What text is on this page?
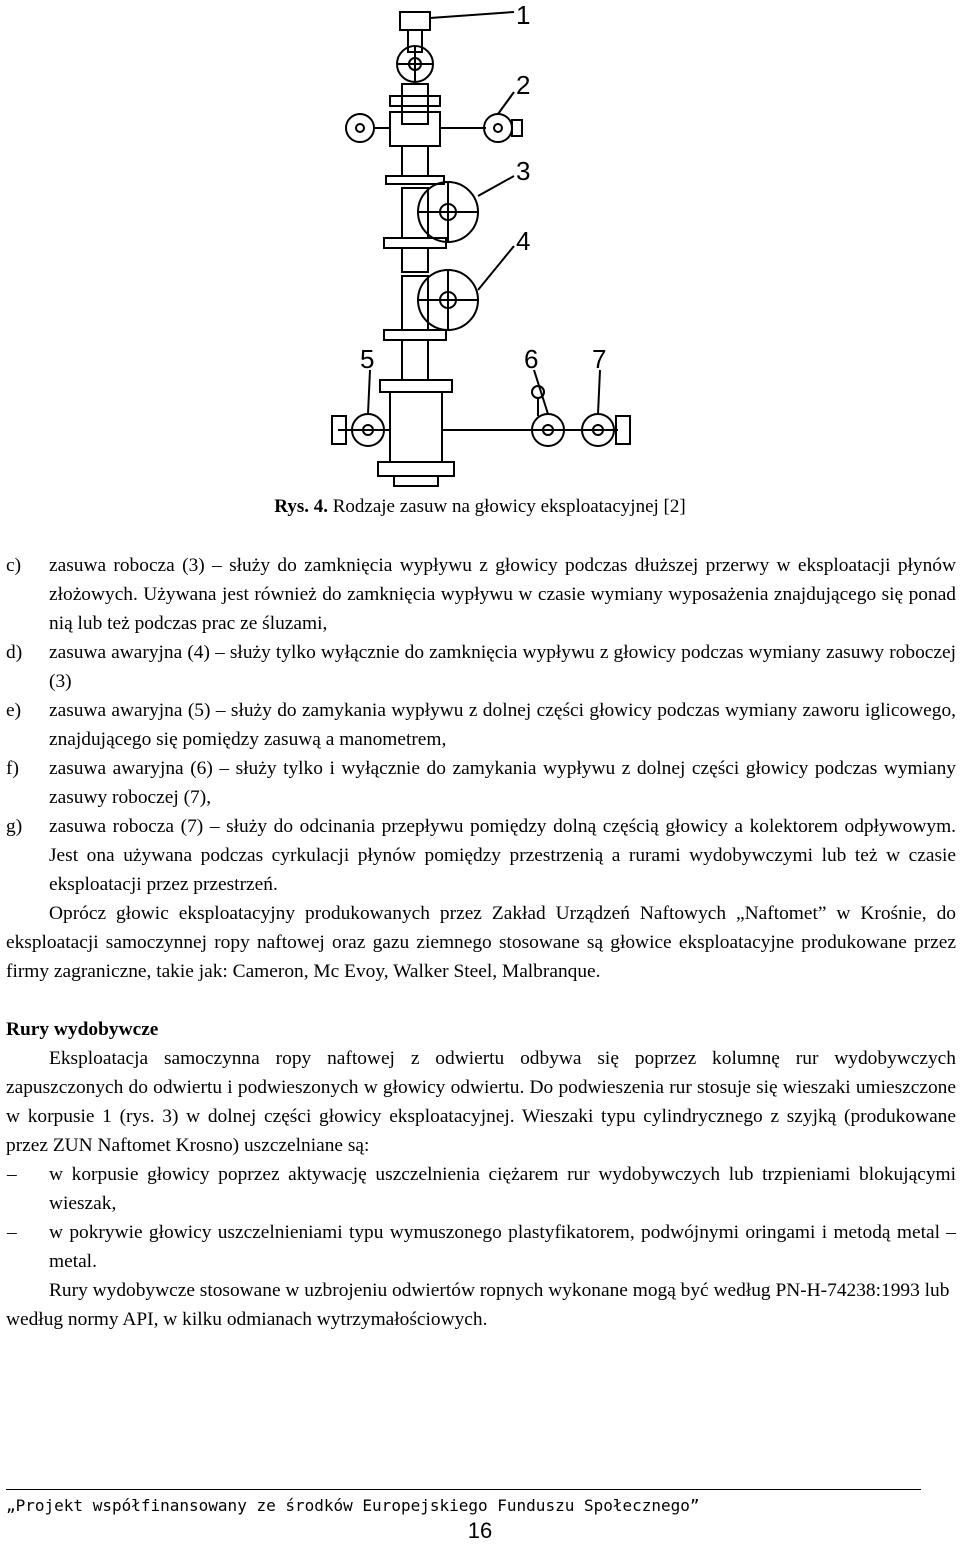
1
2
3
4
5	6 7
Rys. 4. Rodzaje zasuw na głowicy eksploatacyjnej [2]
c) zasuwa robocza (3) – służy do zamknięcia wypływu z głowicy podczas dłuższej przerwy w eksploatacji płynów złożowych. Używana jest również do zamknięcia wypływu w czasie wymiany wyposażenia znajdującego się ponad nią lub też podczas prac ze śluzami,
d) zasuwa awaryjna (4) – służy tylko wyłącznie do zamknięcia wypływu z głowicy podczas wymiany zasuwy roboczej (3)
e) zasuwa awaryjna (5) – służy do zamykania wypływu z dolnej części głowicy podczas wymiany zaworu iglicowego, znajdującego się pomiędzy zasuwą a manometrem,
f) zasuwa awaryjna (6) – służy tylko i wyłącznie do zamykania wypływu z dolnej części głowicy podczas wymiany zasuwy roboczej (7),
g) zasuwa robocza (7) – służy do odcinania przepływu pomiędzy dolną częścią głowicy a kolektorem odpływowym. Jest ona używana podczas cyrkulacji płynów pomiędzy przestrzenią a rurami wydobywczymi lub też w czasie eksploatacji przez przestrzeń.

Oprócz głowic eksploatacyjny produkowanych przez Zakład Urządzeń Naftowych „Naftomet” w Krośnie, do eksploatacji samoczynnej ropy naftowej oraz gazu ziemnego stosowane są głowice eksploatacyjne produkowane przez firmy zagraniczne, takie jak: Cameron, Mc Evoy, Walker Steel, Malbranque.

Rury wydobywcze

Eksploatacja samoczynna ropy naftowej z odwiertu odbywa się poprzez kolumnę rur wydobywczych zapuszczonych do odwiertu i podwieszonych w głowicy odwiertu. Do podwieszenia rur stosuje się wieszaki umieszczone w korpusie 1 (rys. 3) w dolnej części głowicy eksploatacyjnej. Wieszaki typu cylindrycznego z szyjką (produkowane przez ZUN Naftomet Krosno) uszczelniane są:

– w korpusie głowicy poprzez aktywację uszczelnienia ciężarem rur wydobywczych lub trzpieniami blokującymi wieszak,
– w pokrywie głowicy uszczelnieniami typu wymuszonego plastyfikatorem, podwójnymi oringami i metodą metal – metal.

Rury wydobywcze stosowane w uzbrojeniu odwiertów ropnych wykonane mogą być według PN-H-74238:1993 lub według normy API, w kilku odmianach wytrzymałościowych.

„Projekt współfinansowany ze środków Europejskiego Funduszu Społecznego”
16
